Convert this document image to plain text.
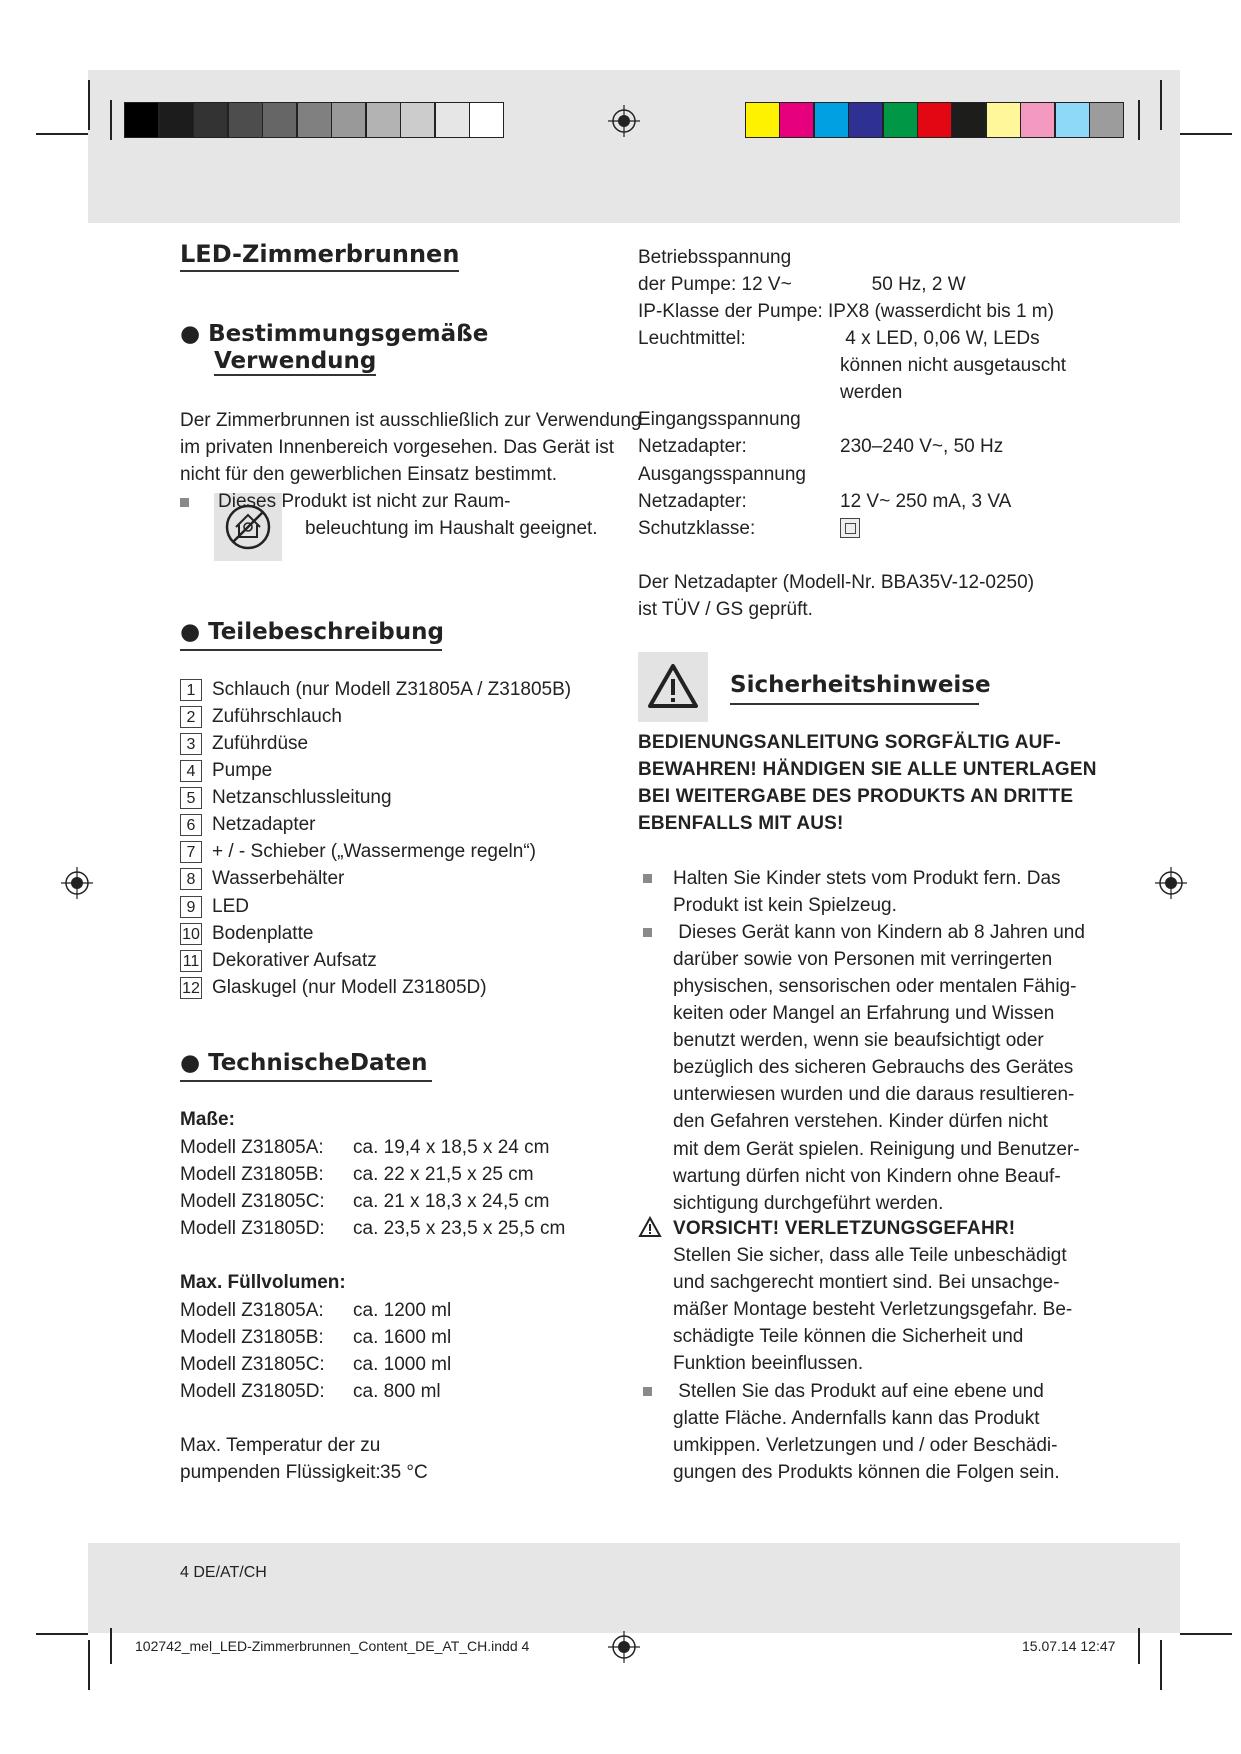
LED-Zimmerbrunnen
● Bestimmungsgemäße
Verwendung
Dieses Produkt ist nicht zur Raum-
beleuchtung im Haushalt geeignet.
● Teilebeschreibung
● TechnischeDaten
Maße:
Max. Füllvolumen:
Max. Temperatur der zu
pumpenden Flüssigkeit: 35 °C
Sicherheitshinweise
VORSICHT! VERLETZUNGSGEFAHR!
4 DE/AT/CH
102742_mel_LED-Zimmerbrunnen_Content_DE_AT_CH.indd 4	15.07.14 12:47
Der Zimmerbrunnen ist ausschließlich zur Verwendung
im privaten Innenbereich vorgesehen. Das Gerät ist
nicht für den gewerblichen Einsatz bestimmt.
1 Schlauch (nur Modell Z31805A / Z31805B)
2 Zuführschlauch
3 Zuführdüse
4 Pumpe
5 Netzanschlussleitung
6 Netzadapter
7 + / - Schieber („Wassermenge regeln“)
8 Wasserbehälter
9 LED
10 Bodenplatte
11 Dekorativer Aufsatz
12 Glaskugel (nur Modell Z31805D)
Modell Z31805A: ca. 19,4 x 18,5 x 24 cm
Modell Z31805B: ca. 22 x 21,5 x 25 cm
Modell Z31805C: ca. 21 x 18,3 x 24,5 cm
Modell Z31805D: ca. 23,5 x 23,5 x 25,5 cm
Modell Z31805A: ca. 1200 ml
Modell Z31805B: ca. 1600 ml
Modell Z31805C: ca. 1000 ml
Modell Z31805D: ca. 800 ml
Betriebsspannung
der Pumpe: 12 V~	50 Hz, 2 W
IP-Klasse der Pumpe: IPX8 (wasserdicht bis 1 m)
Leuchtmittel:	4 x LED, 0,06 W, LEDs
können nicht ausgetauscht
werden
Eingangsspannung
Netzadapter:	230–240 V~, 50 Hz
Ausgangsspannung
Netzadapter:	12 V~ 250 mA, 3 VA
Schutzklasse:
Der Netzadapter (Modell-Nr. BBA35V-12-0250)
ist TÜV / GS geprüft.
BEDIENUNGSANLEITUNG SORGFÄLTIG AUF-
BEWAHREN! HÄNDIGEN SIE ALLE UNTERLAGEN
BEI WEITERGABE DES PRODUKTS AN DRITTE
EBENFALLS MIT AUS!
Halten Sie Kinder stets vom Produkt fern. Das
Produkt ist kein Spielzeug.
Dieses Gerät kann von Kindern ab 8 Jahren und
darüber sowie von Personen mit verringerten
physischen, sensorischen oder mentalen Fähig-
keiten oder Mangel an Erfahrung und Wissen
benutzt werden, wenn sie beaufsichtigt oder
bezüglich des sicheren Gebrauchs des Gerätes
unterwiesen wurden und die daraus resultieren-
den Gefahren verstehen. Kinder dürfen nicht
mit dem Gerät spielen. Reinigung und Benutzer-
wartung dürfen nicht von Kindern ohne Beauf-
sichtigung durchgeführt werden.
Stellen Sie sicher, dass alle Teile unbeschädigt
und sachgerecht montiert sind. Bei unsachge-
mäßer Montage besteht Verletzungsgefahr. Be-
schädigte Teile können die Sicherheit und
Funktion beeinflussen.
Stellen Sie das Produkt auf eine ebene und
glatte Fläche. Andernfalls kann das Produkt
umkippen. Verletzungen und / oder Beschädi-
gungen des Produkts können die Folgen sein.
